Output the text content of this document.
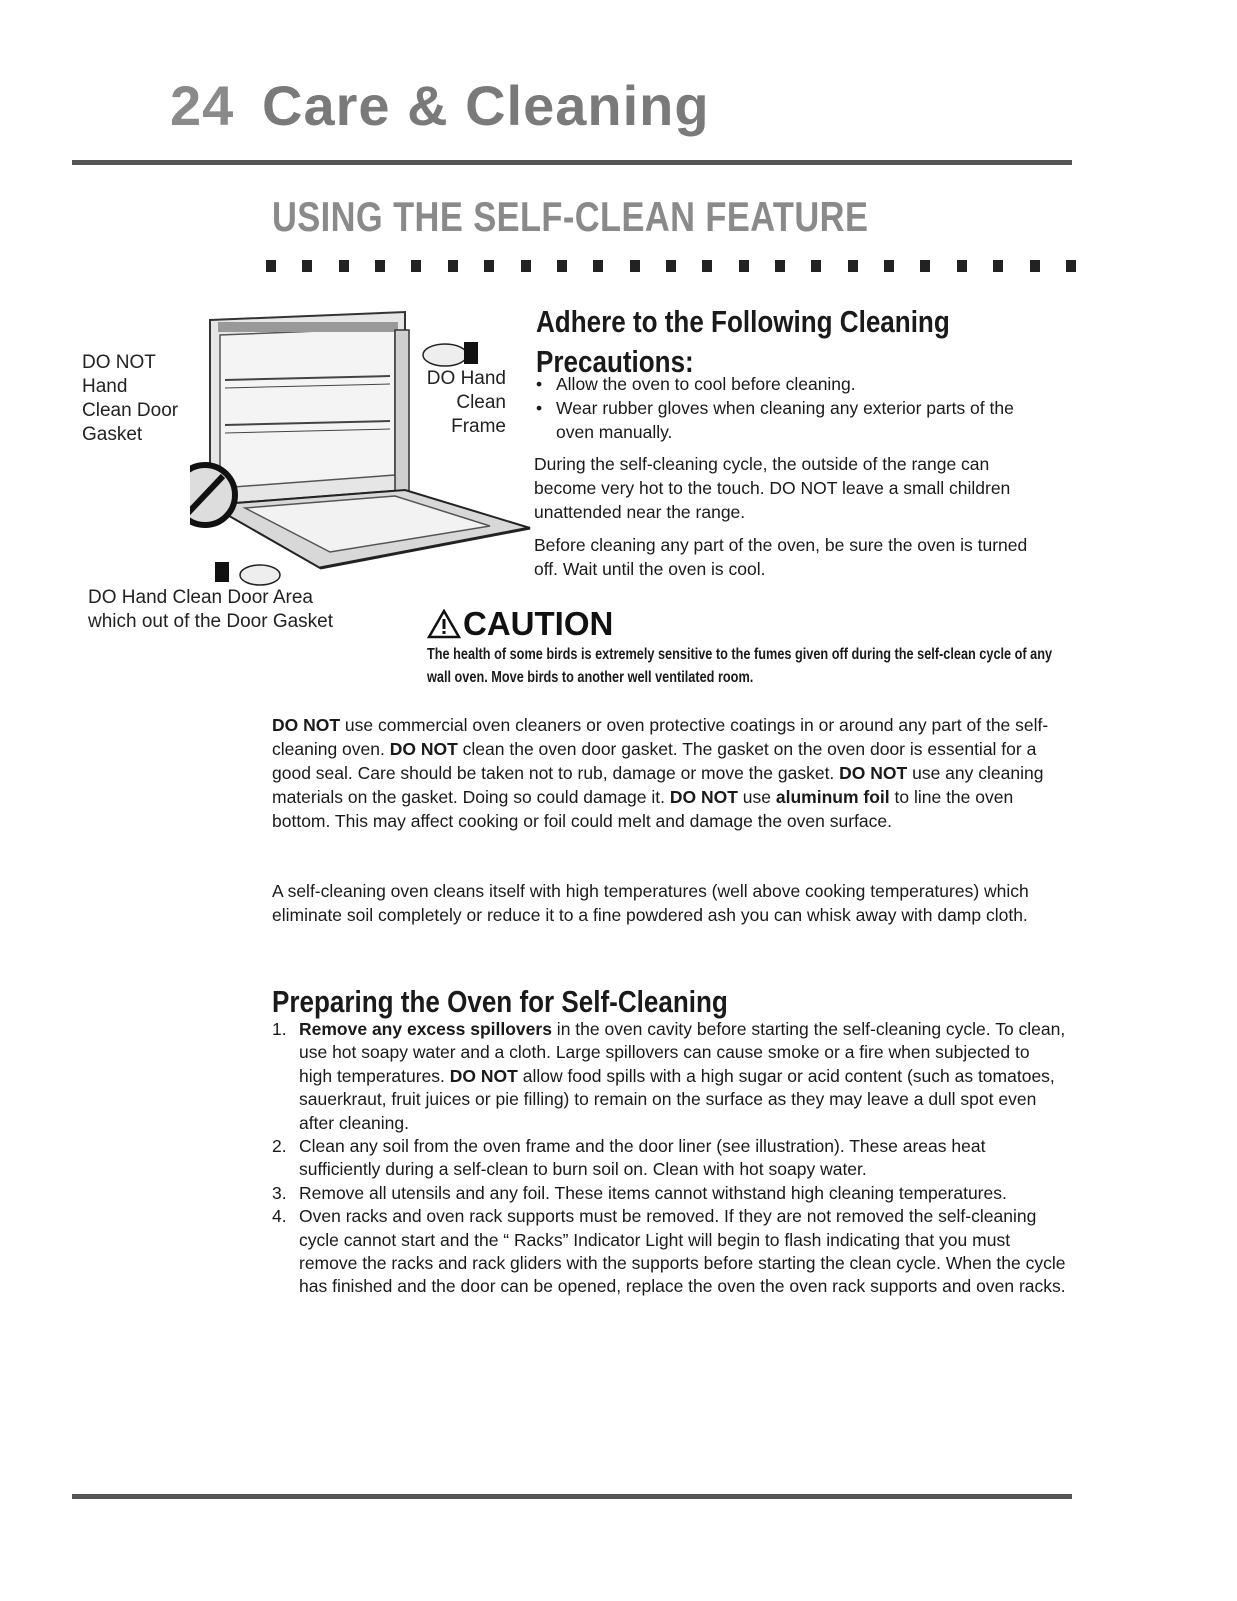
24 Care & Cleaning
USING THE SELF-CLEAN FEATURE
DO NOT
Hand
Clean Door
Gasket
DO Hand
Clean
Frame
DO Hand Clean Door Area
which out of the Door Gasket
Adhere to the Following Cleaning
Precautions:
• Allow the oven to cool before cleaning.
• Wear rubber gloves when cleaning any exterior parts of the oven manually.
During the self-cleaning cycle, the outside of the range can become very hot to the touch. DO NOT leave a small children unattended near the range.
Before cleaning any part of the oven, be sure the oven is turned off. Wait until the oven is cool.
CAUTION
The health of some birds is extremely sensitive to the fumes given off during the self-clean cycle of any wall oven. Move birds to another well ventilated room.
DO NOT use commercial oven cleaners or oven protective coatings in or around any part of the self-cleaning oven. DO NOT clean the oven door gasket. The gasket on the oven door is essential for a good seal. Care should be taken not to rub, damage or move the gasket. DO NOT use any cleaning materials on the gasket. Doing so could damage it. DO NOT use aluminum foil to line the oven bottom. This may affect cooking or foil could melt and damage the oven surface.
A self-cleaning oven cleans itself with high temperatures (well above cooking temperatures) which eliminate soil completely or reduce it to a fine powdered ash you can whisk away with damp cloth.
Preparing the Oven for Self-Cleaning
1. Remove any excess spillovers in the oven cavity before starting the self-cleaning cycle. To clean, use hot soapy water and a cloth. Large spillovers can cause smoke or a fire when subjected to high temperatures. DO NOT allow food spills with a high sugar or acid content (such as tomatoes, sauerkraut, fruit juices or pie filling) to remain on the surface as they may leave a dull spot even after cleaning.
2. Clean any soil from the oven frame and the door liner (see illustration). These areas heat sufficiently during a self-clean to burn soil on. Clean with hot soapy water.
3. Remove all utensils and any foil. These items cannot withstand high cleaning temperatures.
4. Oven racks and oven rack supports must be removed. If they are not removed the self-cleaning cycle cannot start and the “ Racks” Indicator Light will begin to flash indicating that you must remove the racks and rack gliders with the supports before starting the clean cycle. When the cycle has finished and the door can be opened, replace the oven the oven rack supports and oven racks.
